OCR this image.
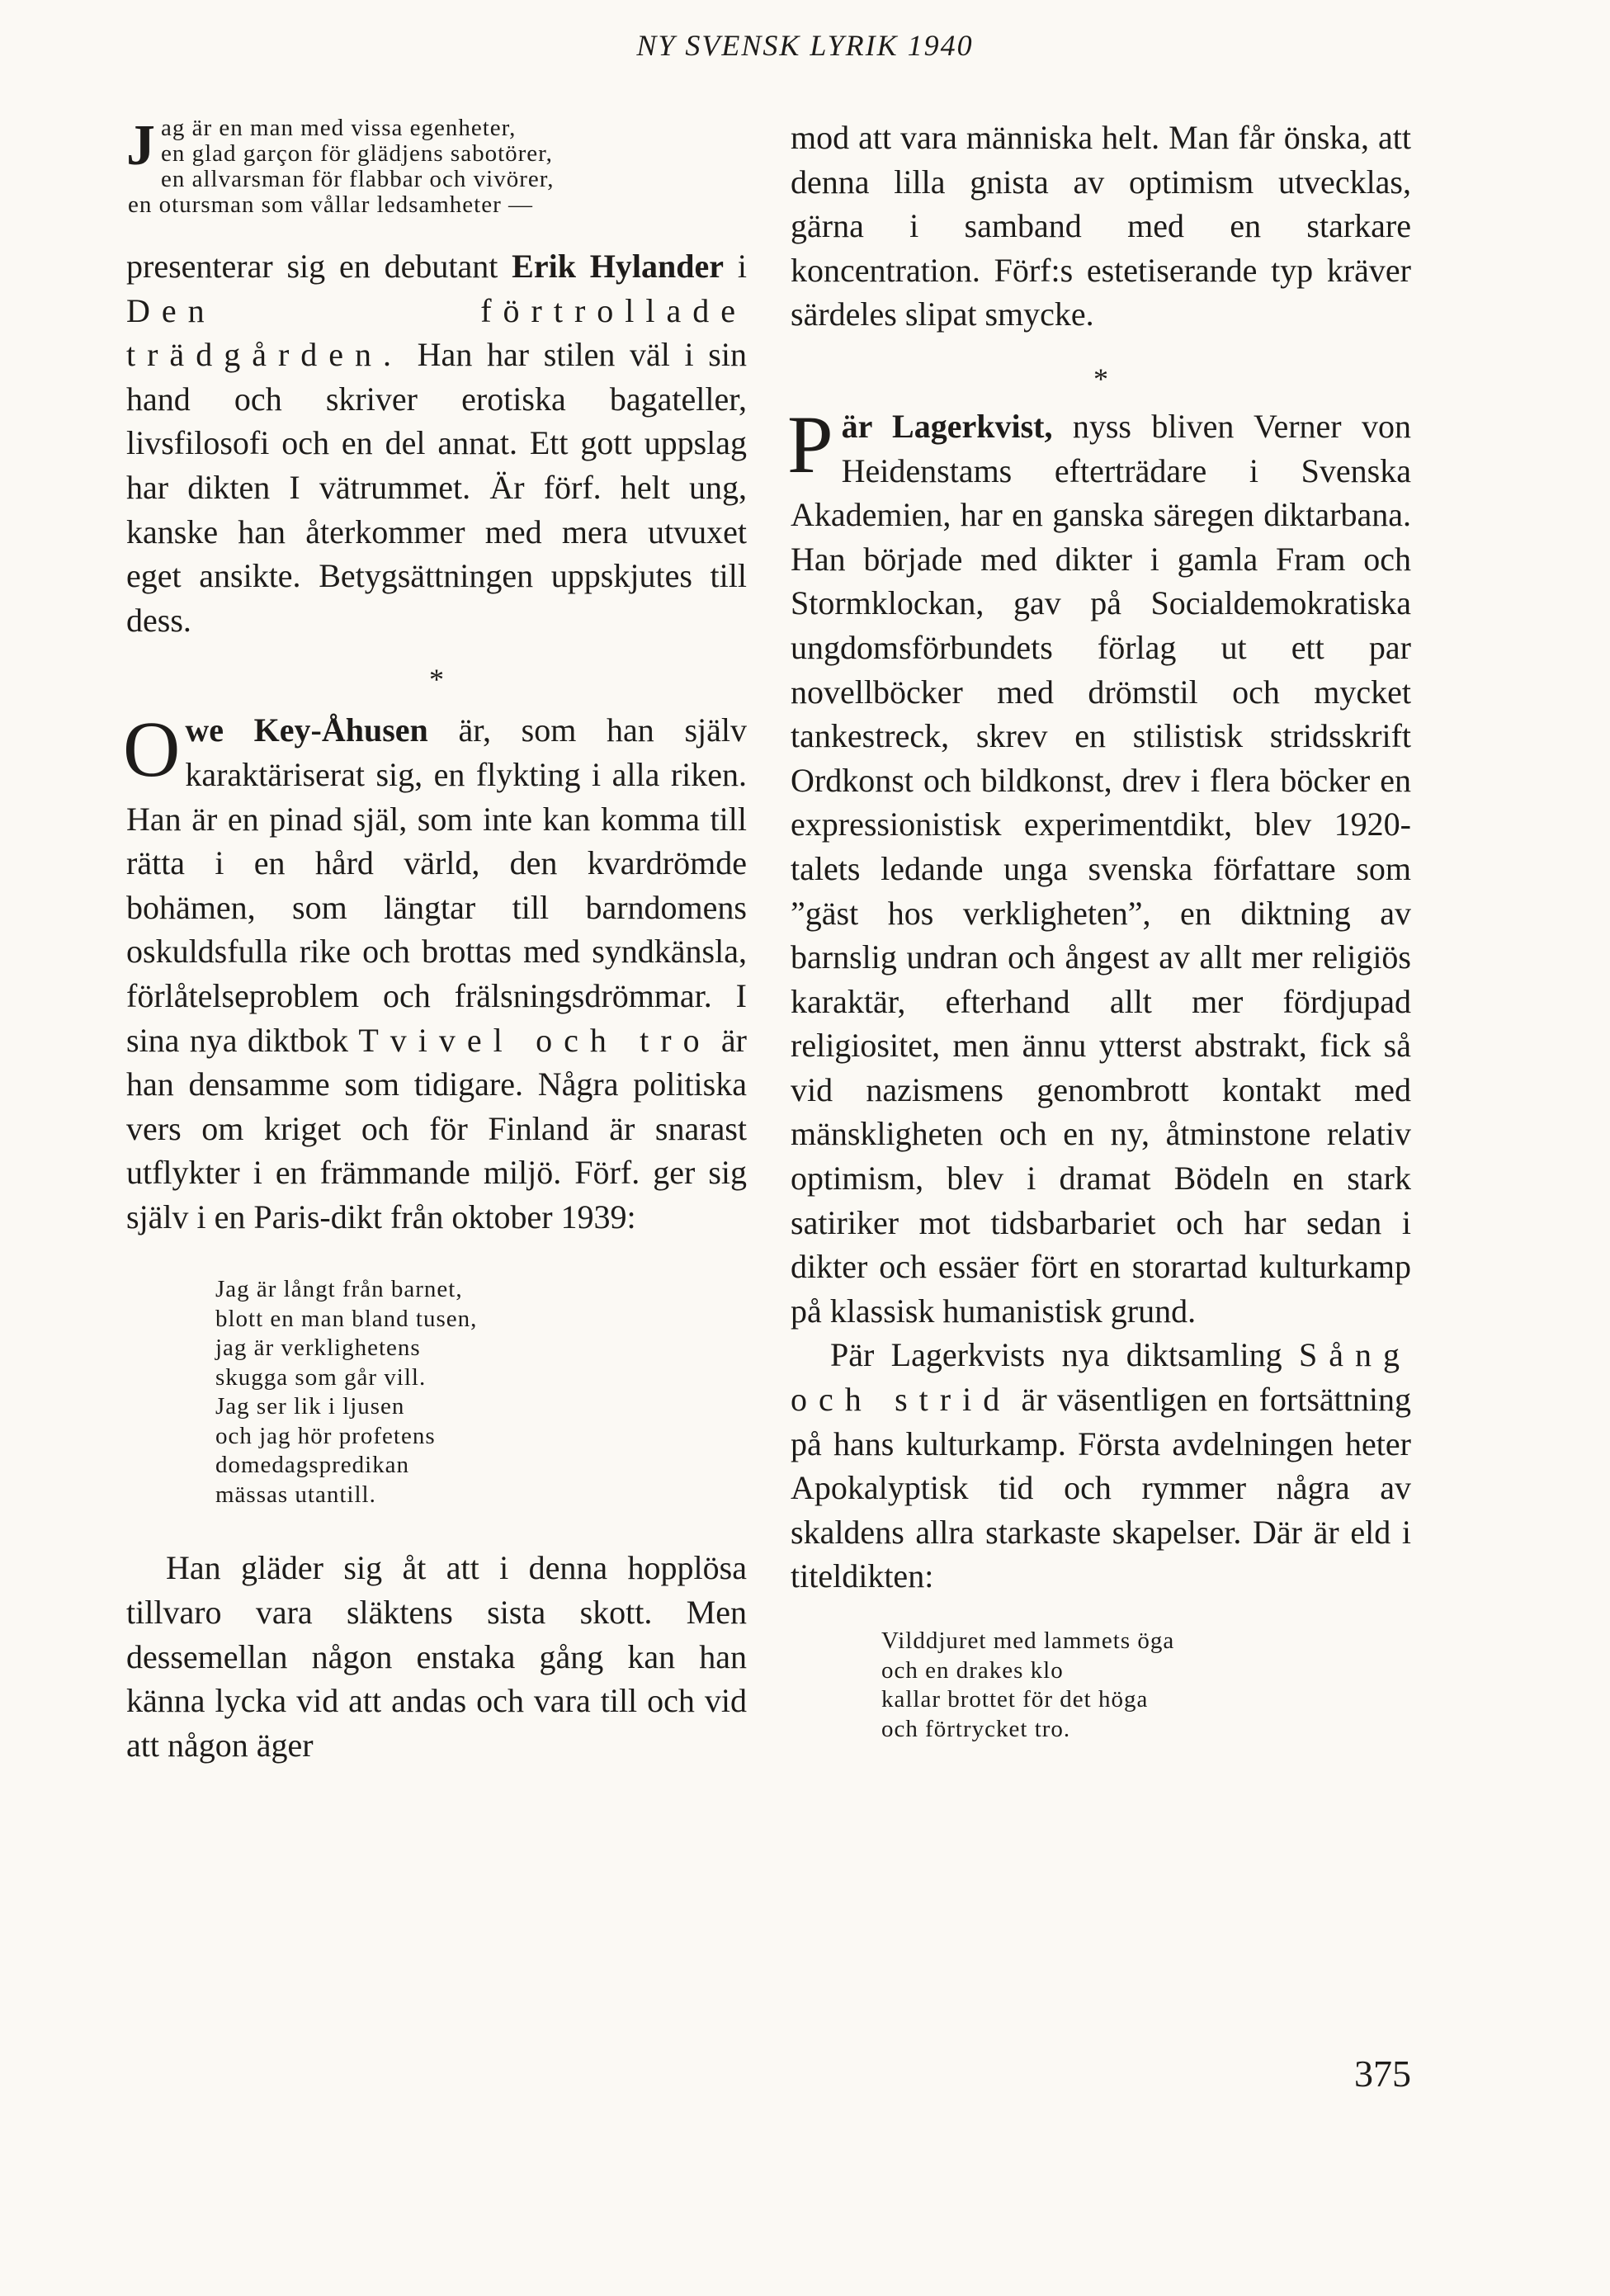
NY SVENSK LYRIK 1940
J ag är en man med vissa egenheter,
en glad garçon för glädjens sabotörer,
en allvarsman för flabbar och vivörer,
en otursman som vållar ledsamheter —

presenterar sig en debutant Erik Hylander i Den förtrollade trädgården. Han har stilen väl i sin hand och skriver erotiska bagateller, livsfilosofi och en del annat. Ett gott uppslag har dikten I vätrummet. Är förf. helt ung, kanske han återkommer med mera utvuxet eget ansikte. Betygsättningen uppskjutes till dess.

*

Owe Key-Åhusen är, som han själv karaktäriserat sig, en flykting i alla riken. Han är en pinad själ, som inte kan komma till rätta i en hård värld, den kvardrömde bohämen, som längtar till barndomens oskuldsfulla rike och brottas med syndkänsla, förlåtelseproblem och frälsningsdrömmar. I sina nya diktbok Tvivel och tro är han densamme som tidigare. Några politiska vers om kriget och för Finland är snarast utflykter i en främmande miljö. Förf. ger sig själv i en Paris-dikt från oktober 1939:

Jag är långt från barnet,
blott en man bland tusen,
jag är verklighetens
skugga som går vill.
Jag ser lik i ljusen
och jag hör profetens
domedagspredikan
mässas utantill.

Han gläder sig åt att i denna hopplösa tillvaro vara släktens sista skott. Men dessemellan någon enstaka gång kan han känna lycka vid att andas och vara till och vid att någon äger

mod att vara människa helt. Man får önska, att denna lilla gnista av optimism utvecklas, gärna i samband med en starkare koncentration. Förf:s estetiserande typ kräver särdeles slipat smycke.

*

Pär Lagerkvist, nyss bliven Verner von Heidenstams efterträdare i Svenska Akademien, har en ganska säregen diktarbana. Han började med dikter i gamla Fram och Stormklockan, gav på Socialdemokratiska ungdomsförbundets förlag ut ett par novellböcker med drömstil och mycket tankestreck, skrev en stilistisk stridsskrift Ordkonst och bildkonst, drev i flera böcker en expressionistisk experimentdikt, blev 1920-talets ledande unga svenska författare som ”gäst hos verkligheten”, en diktning av barnslig undran och ångest av allt mer religiös karaktär, efterhand allt mer fördjupad religiositet, men ännu ytterst abstrakt, fick så vid nazismens genombrott kontakt med mänskligheten och en ny, åtminstone relativ optimism, blev i dramat Bödeln en stark satiriker mot tidsbarbariet och har sedan i dikter och essäer fört en storartad kulturkamp på klassisk humanistisk grund.

Pär Lagerkvists nya diktsamling Sång och strid är väsentligen en fortsättning på hans kulturkamp. Första avdelningen heter Apokalyptisk tid och rymmer några av skaldens allra starkaste skapelser. Där är eld i titeldikten:

Vilddjuret med lammets öga
och en drakes klo
kallar brottet för det höga
och förtrycket tro.
375
